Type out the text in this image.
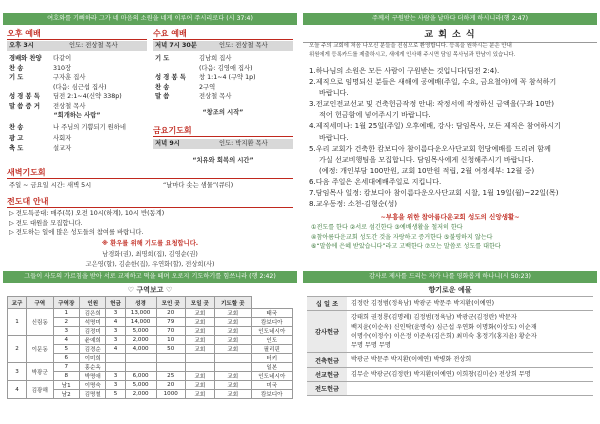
여호와를 기뻐하라 그가 네 마음의 소원을 네게 이루어 주시리로다 (시 37:4)
오후 예배
오후 3시	인도: 전상철 목사
경배와 찬양 다같이
찬 송	310장
기 도	구자훈 집사
(다음: 심근섭 집사)
성 경 봉 독 딤전 2:1~4(신약 338p)
말 씀 증 거 전상철 목사
“회개하는 사람”
찬 송	나 주님의 기쁨되기 원하네
광 고	사회자
축 도	설교자
수요 예배
저녁 7시 30분	인도: 전상철 목사
기 도	김남희 집사
(다음: 김영애 집사)
성 경 봉 독 창 1:1~4 (구약 1p)
찬 송	2구역
말 씀	전상철 목사
“창조의 시작”
금요기도회
저녁 9시	인도: 박지환 목사
“치유와 회복의 시간”
새벽기도회
주일 ~ 금요일 시간: 새벽 5시	“날마다 솟는 샘물”(큐티)
전도대 안내
▷ 전도특공대: 매주(목) 오전 10시(하계), 10시 반(동계)
▷ 전도 대원을 모집합니다.
▷ 전도하는 일에 많은 성도들의 참여를 바랍니다.
※ 환우를 위해 기도를 요청합니다.
남경화(권), 최명희(집), 김영순(권)
고은영(할), 김순한(집), 우연화(할), 전상희(사)
그들이 사도의 가르침을 받아 서로 교제하고 떡을 떼며 오로지 기도하기를 힘쓰니라 (행 2:42)
♡ 구역보고 ♡
교구	구역	구역장	인원	헌금	성경	모인 곳	모일 곳	기도할 곳	
1	신림동	1	김은희	3	13,000	20	교회	교회	태국
		2	석명미	4	14,000	79	교회	교회	캄보디아
		3	김정미	3	5,000	70	교회	교회	인도네시아
2	이문동	4	윤예희	3	2,000	10	교회	교회	인도
		5	김경순	4	4,000	50	교회	교회	필리핀
		6	이미희						터키
3	박광군	7	홍순옥						일본
		8	박명애	3	6,000	25	교회	교회	인도네시아
4	김광해	남1	이명숙	3	5,000	20	교회	교회	미국
		남2	김명철	5	2,000	1000	교회	교회	캄보디아
주께서 구원받는 사람을 날마다 더하게 하시니라(행 2:47)
교 회 소 식
오늘 주의 교회에 처음 나오신 분들을 진심으로 환영합니다. 등록을 원하시는 분은 안내
위원에게 등록카드를 제출하시고, 새에게 인사해 주시면 담임 목사님과 만남이 있습니다.
1.하나님의 소원은 모든 사람이 구원받는 것입니다(딤전 2:4).
2.제직으로 임명되신 분들은 새해에 공예배(주일, 수요, 금요철야)에 꼭 참석하기
바랍니다.
3.전교인전교선교 및 건축헌금작정 안내: 작정서에 작정하신 금액을(구좌 10만)
적어 헌금함에 넣어주시기 바랍니다.
4.제직세미나: 1월 25일(주일) 오후예배, 강사: 담임목사, 모든 제직은 참여하시기
바랍니다.
5.우리 교회가 건축한 캄보디아 참이름다운오사단교회 헌당예배를 드리려 함께
가실 선교비행팀을 모집합니다. 담임목사에게 신청해주시기 바랍니다.
(예정: 개인부담 100만원, 교회 10만원 적립, 2월 여정세부: 12월 중)
6.다음 주일은 온세대예배주일로 지킵니다.
7.담임목사 일정: 캄보디아 참이름다운오사단교회 시찰, 1월 19일(월)~22일(목)
8.교우동정: 소천-김형순(성)
~부흥을 위한 참아름다운교회 성도의 신앙생활~
①전도를 한다 ②서로 섬긴한다 ③예배생활을 철저히 한다
④참아름다운교회 성도간 것을 자랑하고 증거한다 ⑤불평하지 않는다
⑥“말씀에 은혜 받았습니다”라고 고백한다 ⑦모는 말씀로 성도를 대한다
감사로 제사를 드리는 자가 나를 영화롭게 하나니(시 50:23)
향기로운 예물
십 일 조	김정란 김정범(정육남) 박광군 박문주 박지환(이예연)

감사헌금	강태희 권정룡(김명례) 김정범(정육남) 박광군(김정란) 박문자
백지윤(이순옥) 신인탁(윤명숙) 심근섭 우연화 이명화(이상도) 이순재
이명수(이정수) 이은정 이준옥(김은희) 최미숙 홍정기(홍지윤) 황순자
무명 무명 무명

건축헌금	박광군 박문주 박지환(이예연) 박병화 전상희

선교헌금	김무순 박광군(김정란) 박지환(이예연) 이희창(김미순) 전상희 무명

전도헌금	
